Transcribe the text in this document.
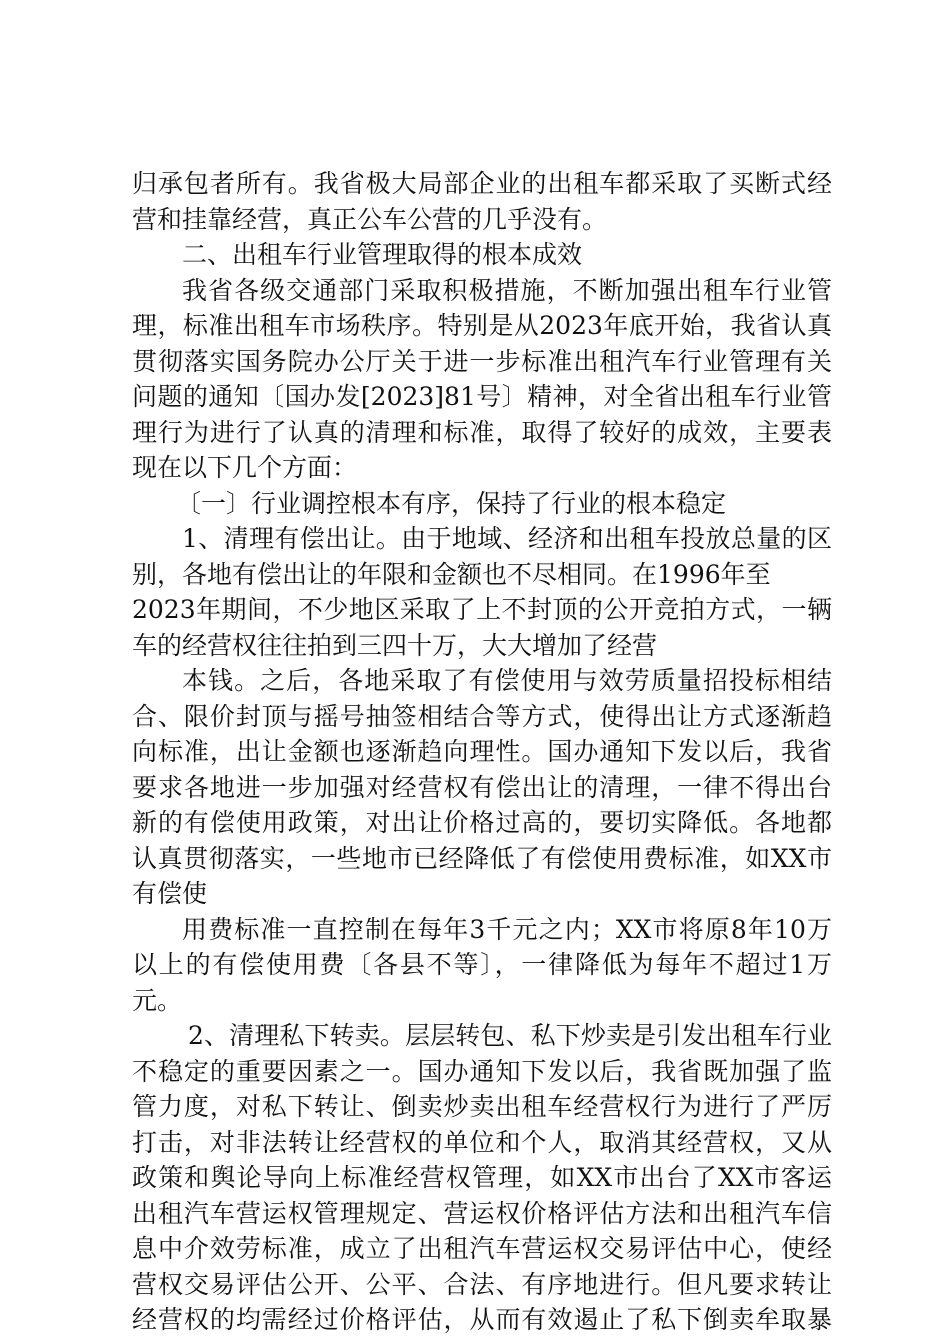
归承包者所有。我省极大局部企业的出租车都采取了买断式经
营和挂靠经营，真正公车公营的几乎没有。
二、出租车行业管理取得的根本成效
我省各级交通部门采取积极措施，不断加强出租车行业管
理，标准出租车市场秩序。特别是从2023年底开始，我省认真
贯彻落实国务院办公厅关于进一步标准出租汽车行业管理有关
问题的通知〔国办发[2023]81号〕精神，对全省出租车行业管
理行为进行了认真的清理和标准，取得了较好的成效，主要表
现在以下几个方面：
〔一〕行业调控根本有序，保持了行业的根本稳定
1、清理有偿出让。由于地域、经济和出租车投放总量的区
别，各地有偿出让的年限和金额也不尽相同。在1996年至
2023年期间，不少地区采取了上不封顶的公开竞拍方式，一辆
车的经营权往往拍到三四十万，大大增加了经营
本钱。之后，各地采取了有偿使用与效劳质量招投标相结
合、限价封顶与摇号抽签相结合等方式，使得出让方式逐渐趋
向标准，出让金额也逐渐趋向理性。国办通知下发以后，我省
要求各地进一步加强对经营权有偿出让的清理，一律不得出台
新的有偿使用政策，对出让价格过高的，要切实降低。各地都
认真贯彻落实，一些地市已经降低了有偿使用费标准，如XX市
有偿使
用费标准一直控制在每年3千元之内；XX市将原8年10万
以上的有偿使用费〔各县不等〕，一律降低为每年不超过1万
元。
2、清理私下转卖。层层转包、私下炒卖是引发出租车行业
不稳定的重要因素之一。国办通知下发以后，我省既加强了监
管力度，对私下转让、倒卖炒卖出租车经营权行为进行了严厉
打击，对非法转让经营权的单位和个人，取消其经营权，又从
政策和舆论导向上标准经营权管理，如XX市出台了XX市客运
出租汽车营运权管理规定、营运权价格评估方法和出租汽车信
息中介效劳标准，成立了出租汽车营运权交易评估中心，使经
营权交易评估公开、公平、合法、有序地进行。但凡要求转让
经营权的均需经过价格评估，从而有效遏止了私下倒卖牟取暴
